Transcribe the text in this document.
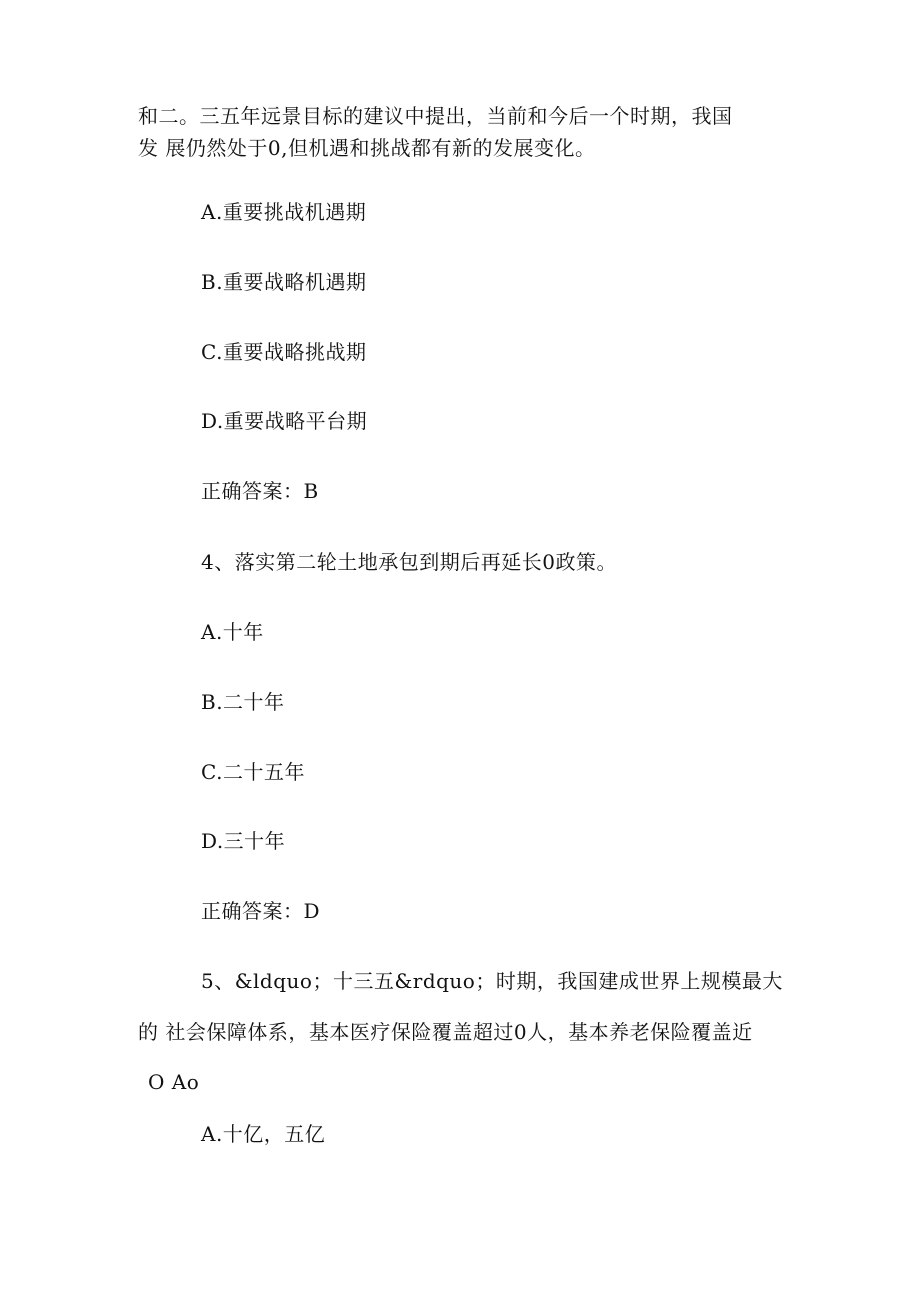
和二。三五年远景目标的建议中提出，当前和今后一个时期，我国
发 展仍然处于0,但机遇和挑战都有新的发展变化。
A.重要挑战机遇期
B.重要战略机遇期
C.重要战略挑战期
D.重要战略平台期
正确答案：B
4、落实第二轮土地承包到期后再延长0政策。
A.十年
B.二十年
C.二十五年
D.三十年
正确答案：D
5、&ldquo；十三五&rdquo；时期，我国建成世界上规模最大
的 社会保障体系，基本医疗保险覆盖超过0人，基本养老保险覆盖近
O Ao
A.十亿，五亿
